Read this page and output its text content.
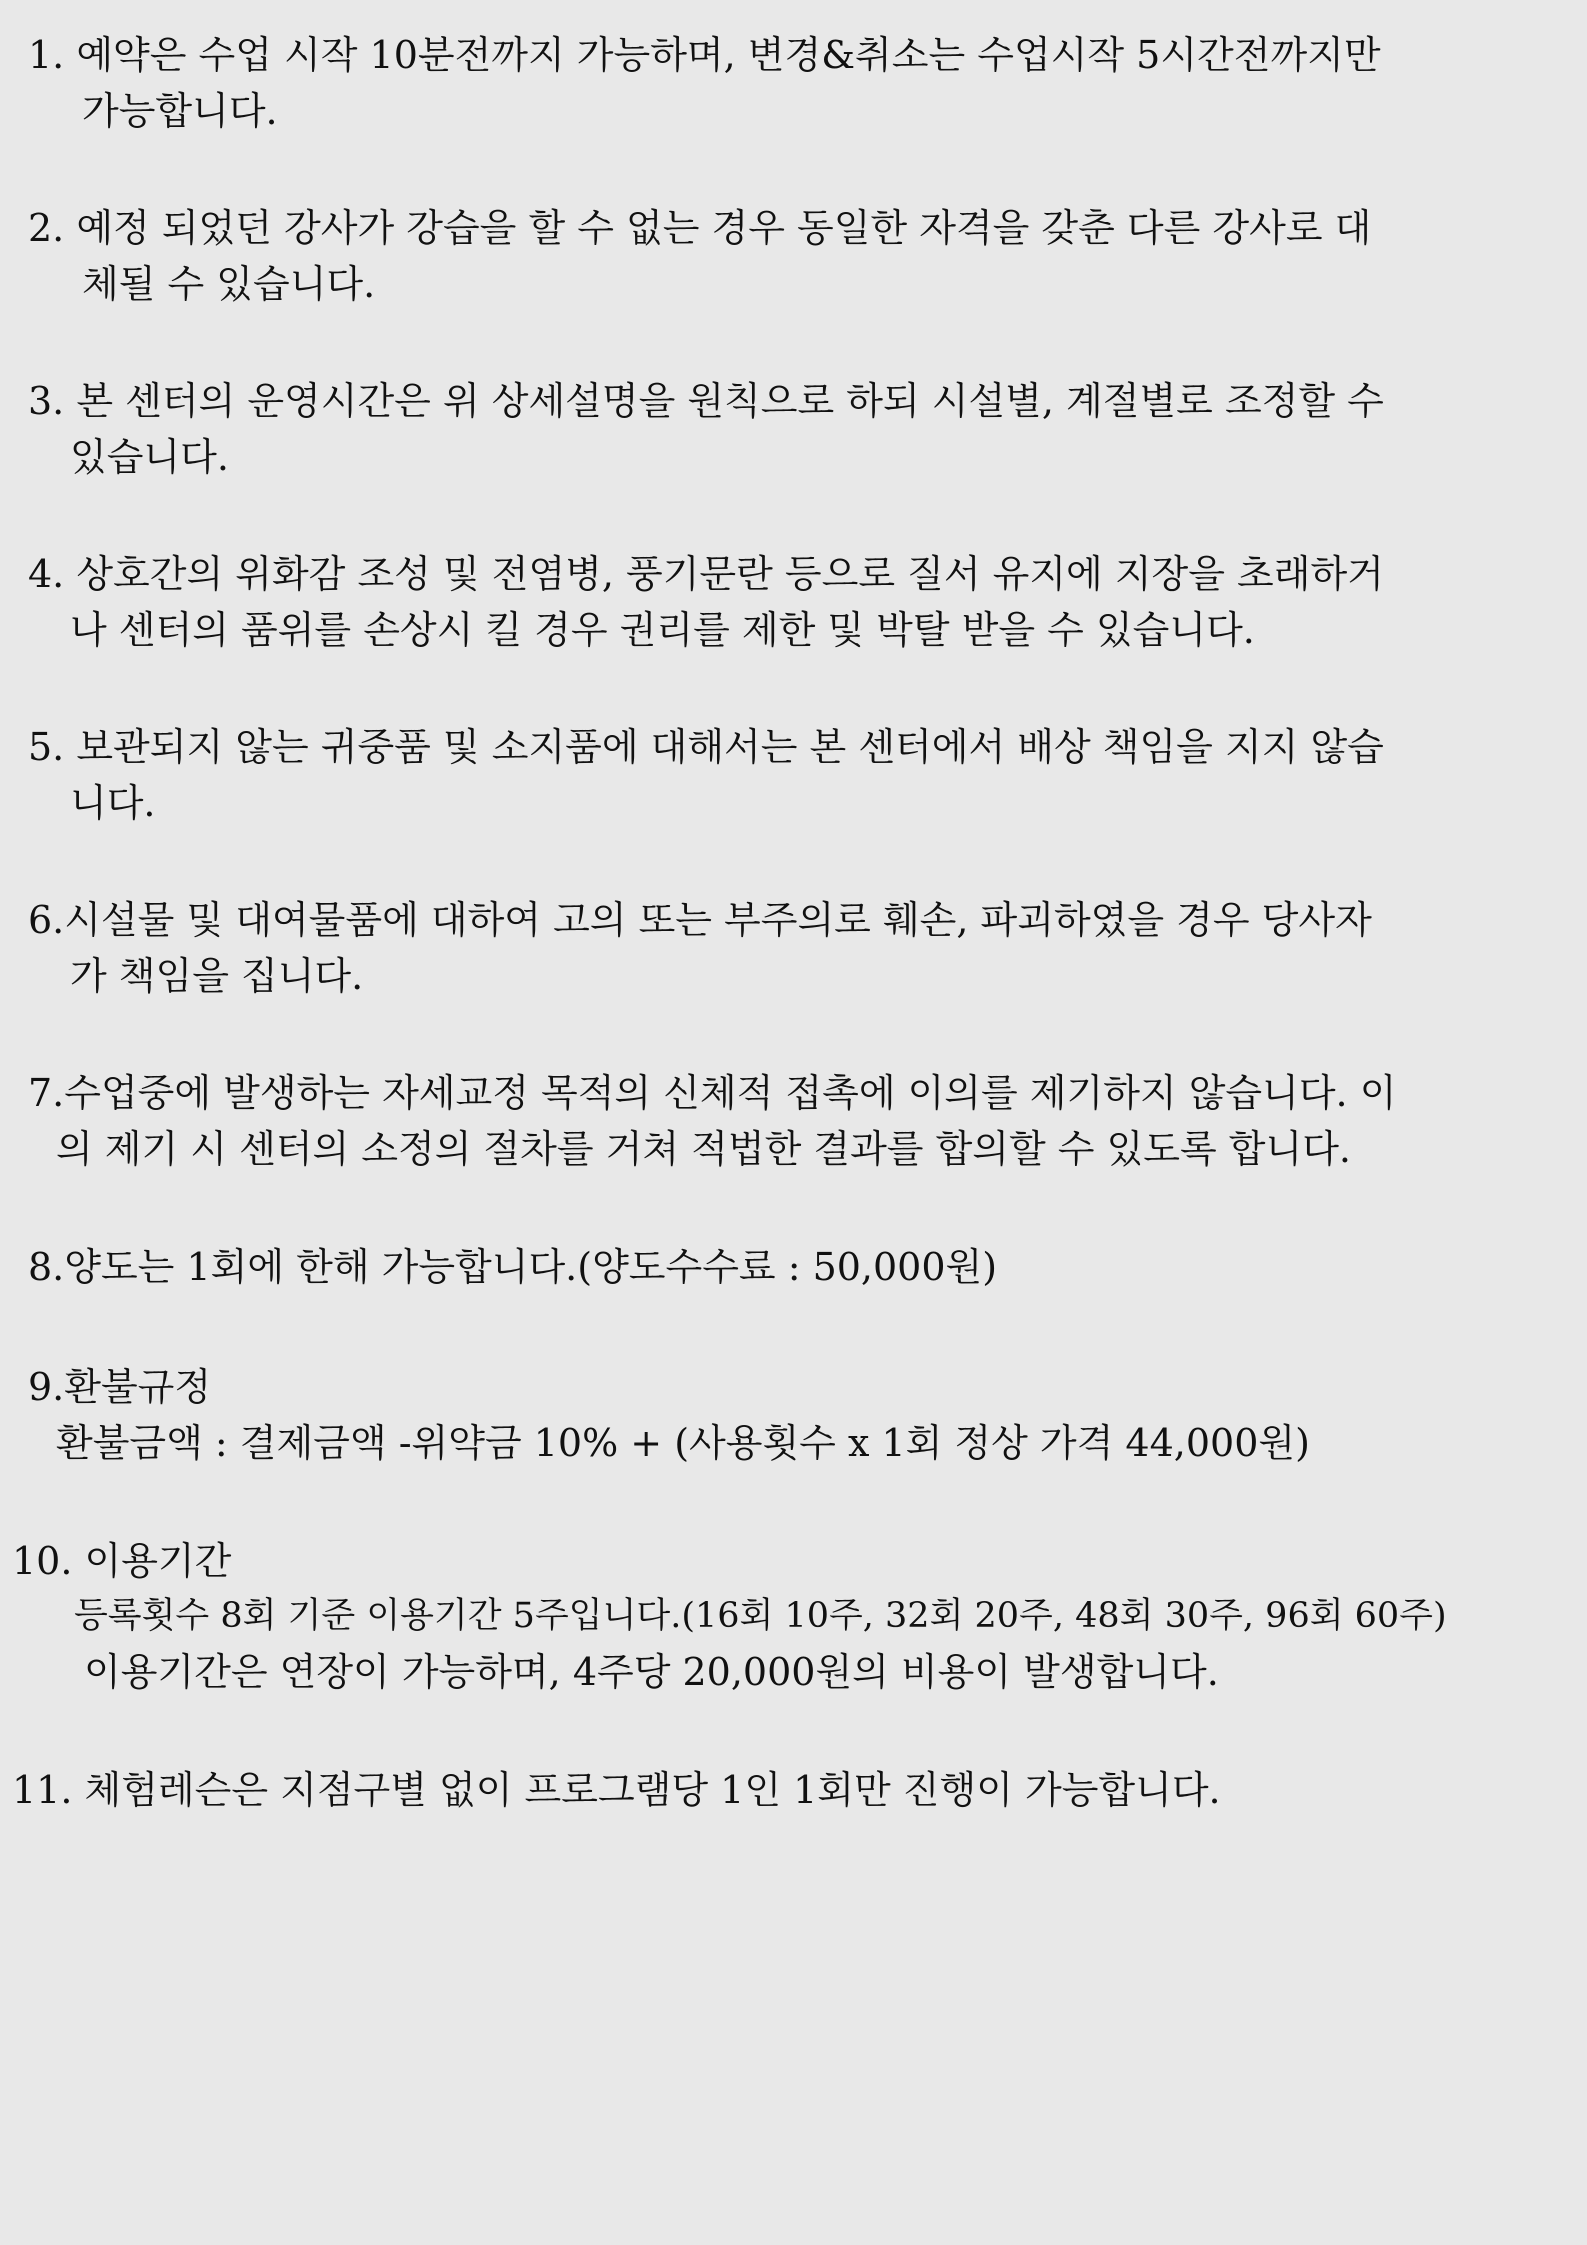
1. 예약은 수업 시작 10분전까지 가능하며, 변경&취소는 수업시작 5시간전까지만
가능합니다.
2. 예정 되었던 강사가 강습을 할 수 없는 경우 동일한 자격을 갖춘 다른 강사로 대
체될 수 있습니다.
3. 본 센터의 운영시간은 위 상세설명을 원칙으로 하되 시설별, 계절별로 조정할 수
있습니다.
4. 상호간의 위화감 조성 및 전염병, 풍기문란 등으로 질서 유지에 지장을 초래하거
나 센터의 품위를 손상시 킬 경우 권리를 제한 및 박탈 받을 수 있습니다.
5. 보관되지 않는 귀중품 및 소지품에 대해서는 본 센터에서 배상 책임을 지지 않습
니다.
6.시설물 및 대여물품에 대하여 고의 또는 부주의로 훼손, 파괴하였을 경우 당사자
가 책임을 집니다.
7.수업중에 발생하는 자세교정 목적의 신체적 접촉에 이의를 제기하지 않습니다. 이
의 제기 시 센터의 소정의 절차를 거쳐 적법한 결과를 합의할 수 있도록 합니다.
8.양도는 1회에 한해 가능합니다.(양도수수료 : 50,000원)
9.환불규정
환불금액 : 결제금액 -위약금 10% + (사용횟수 x 1회 정상 가격 44,000원)
10. 이용기간
등록횟수 8회 기준 이용기간 5주입니다.(16회 10주, 32회 20주, 48회 30주, 96회 60주)
이용기간은 연장이 가능하며, 4주당 20,000원의 비용이 발생합니다.
11. 체험레슨은 지점구별 없이 프로그램당 1인 1회만 진행이 가능합니다.
